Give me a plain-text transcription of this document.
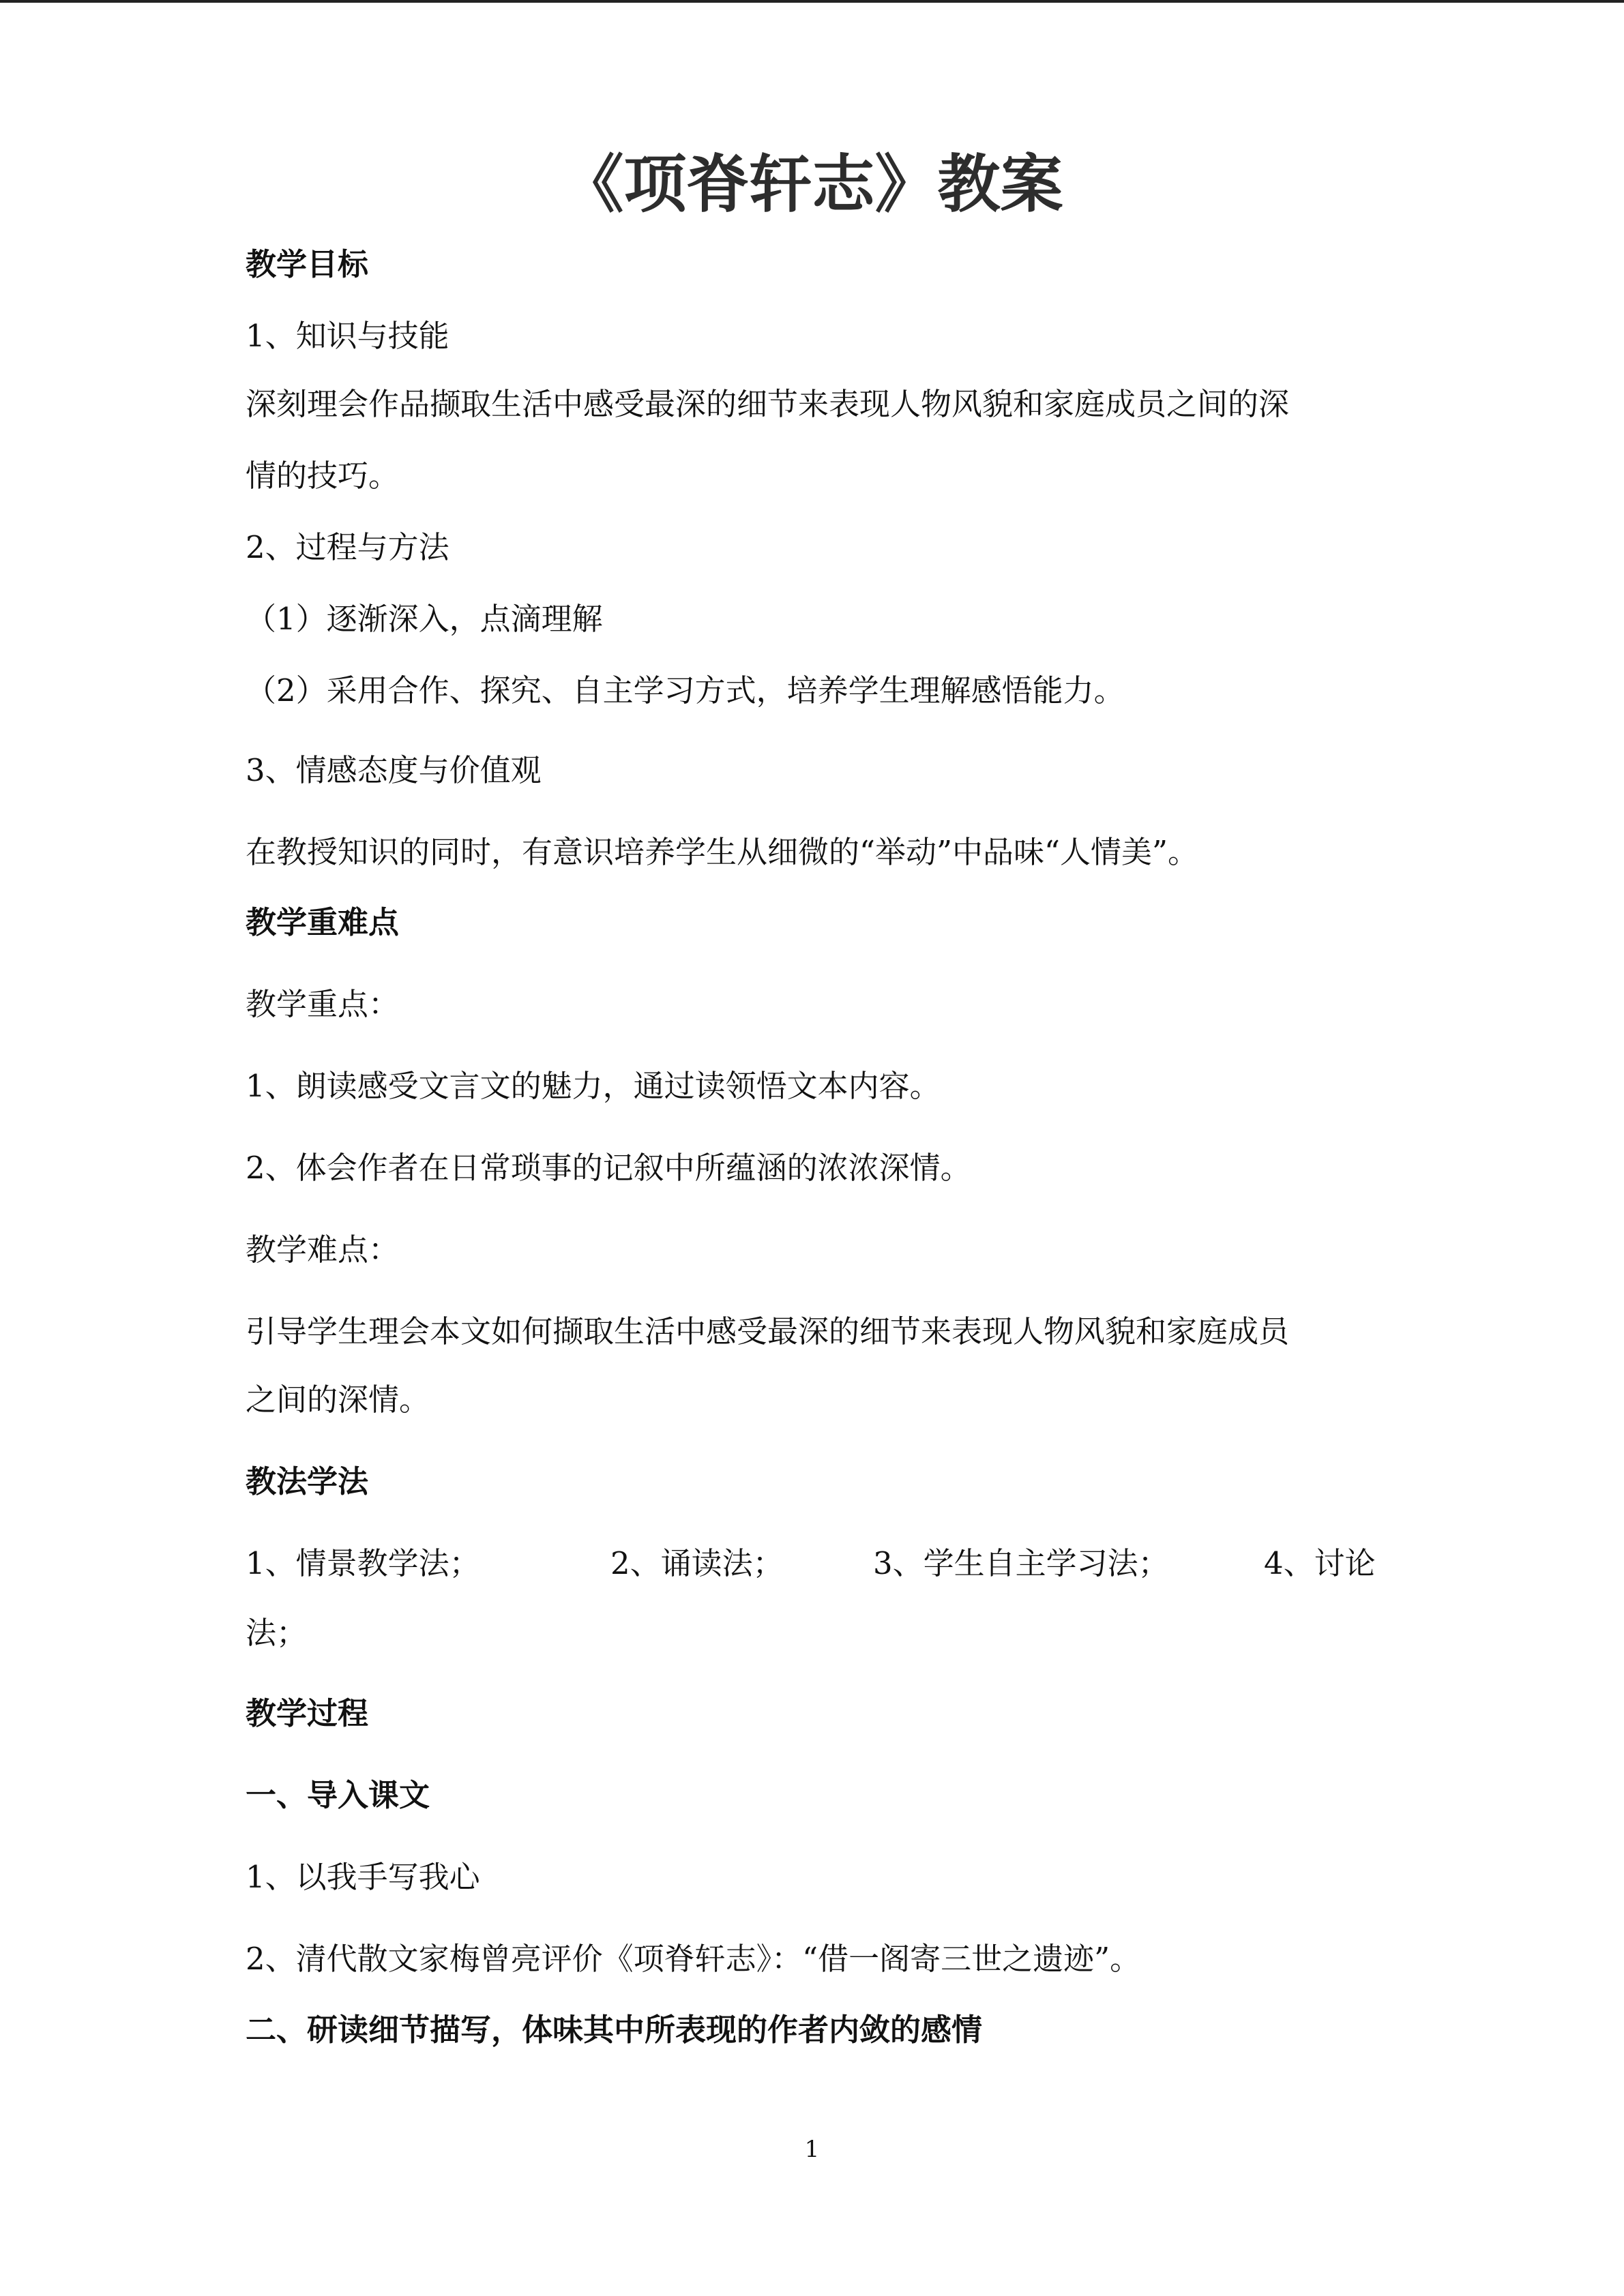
《项脊轩志》教案
教学目标
1、知识与技能
深刻理会作品撷取生活中感受最深的细节来表现人物风貌和家庭成员之间的深
情的技巧。
2、过程与方法
（1）逐渐深入，点滴理解
（2）采用合作、探究、自主学习方式，培养学生理解感悟能力。
3、情感态度与价值观
在教授知识的同时，有意识培养学生从细微的“举动”中品味“人情美”。
教学重难点
教学重点：
1、朗读感受文言文的魅力，通过读领悟文本内容。
2、体会作者在日常琐事的记叙中所蕴涵的浓浓深情。
教学难点：
引导学生理会本文如何撷取生活中感受最深的细节来表现人物风貌和家庭成员
之间的深情。
教法学法
1、情景教学法；	2、诵读法；	3、学生自主学习法；	4、讨论
法；
教学过程
一、导入课文
1、以我手写我心
2、清代散文家梅曾亮评价《项脊轩志》：“借一阁寄三世之遗迹”。
二、研读细节描写，体味其中所表现的作者内敛的感情
1
